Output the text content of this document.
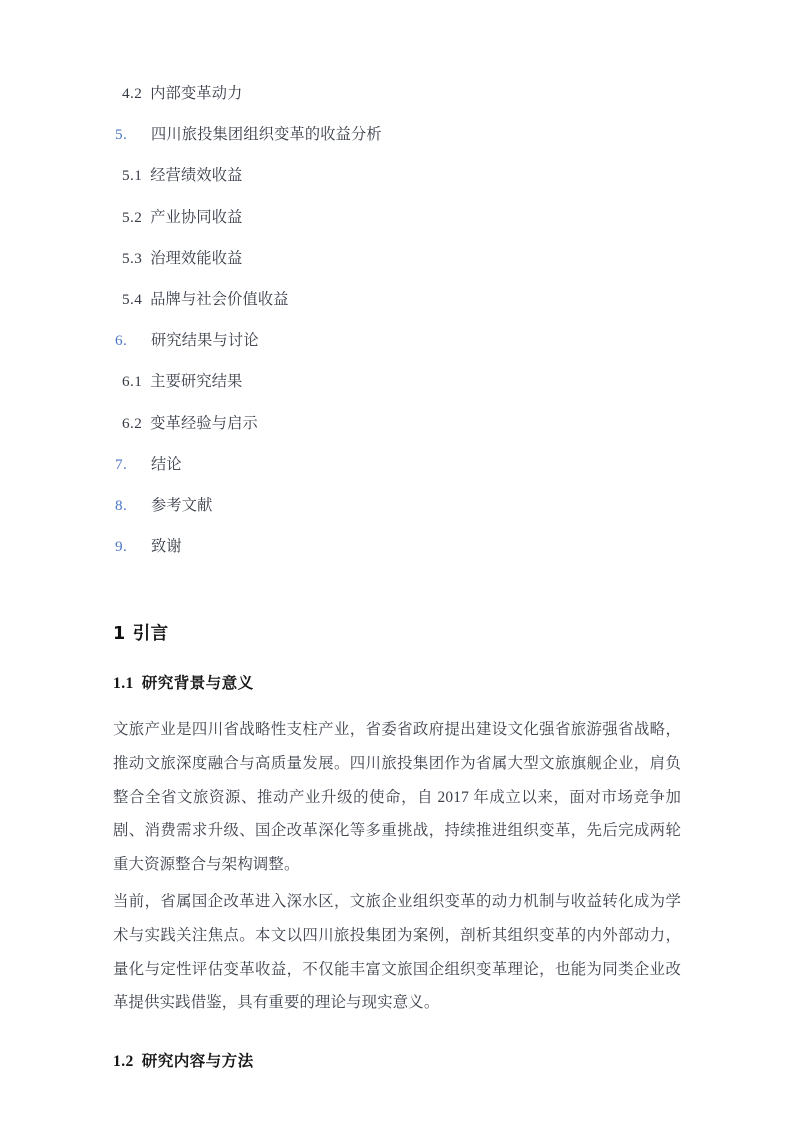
4.2 内部变革动力
5.	四川旅投集团组织变革的收益分析
5.1 经营绩效收益
5.2 产业协同收益
5.3 治理效能收益
5.4 品牌与社会价值收益
6.	研究结果与讨论
6.1 主要研究结果
6.2 变革经验与启示
7.	结论
8.	参考文献
9.	致谢
1 引言
1.1 研究背景与意义

文旅产业是四川省战略性支柱产业，省委省政府提出建设文化强省旅游强省战略，推动文旅深度融合与高质量发展。四川旅投集团作为省属大型文旅旗舰企业，肩负整合全省文旅资源、推动产业升级的使命，自 2017 年成立以来，面对市场竞争加剧、消费需求升级、国企改革深化等多重挑战，持续推进组织变革，先后完成两轮重大资源整合与架构调整。

当前，省属国企改革进入深水区，文旅企业组织变革的动力机制与收益转化成为学术与实践关注焦点。本文以四川旅投集团为案例，剖析其组织变革的内外部动力，量化与定性评估变革收益，不仅能丰富文旅国企组织变革理论，也能为同类企业改革提供实践借鉴，具有重要的理论与现实意义。

1.2 研究内容与方法
